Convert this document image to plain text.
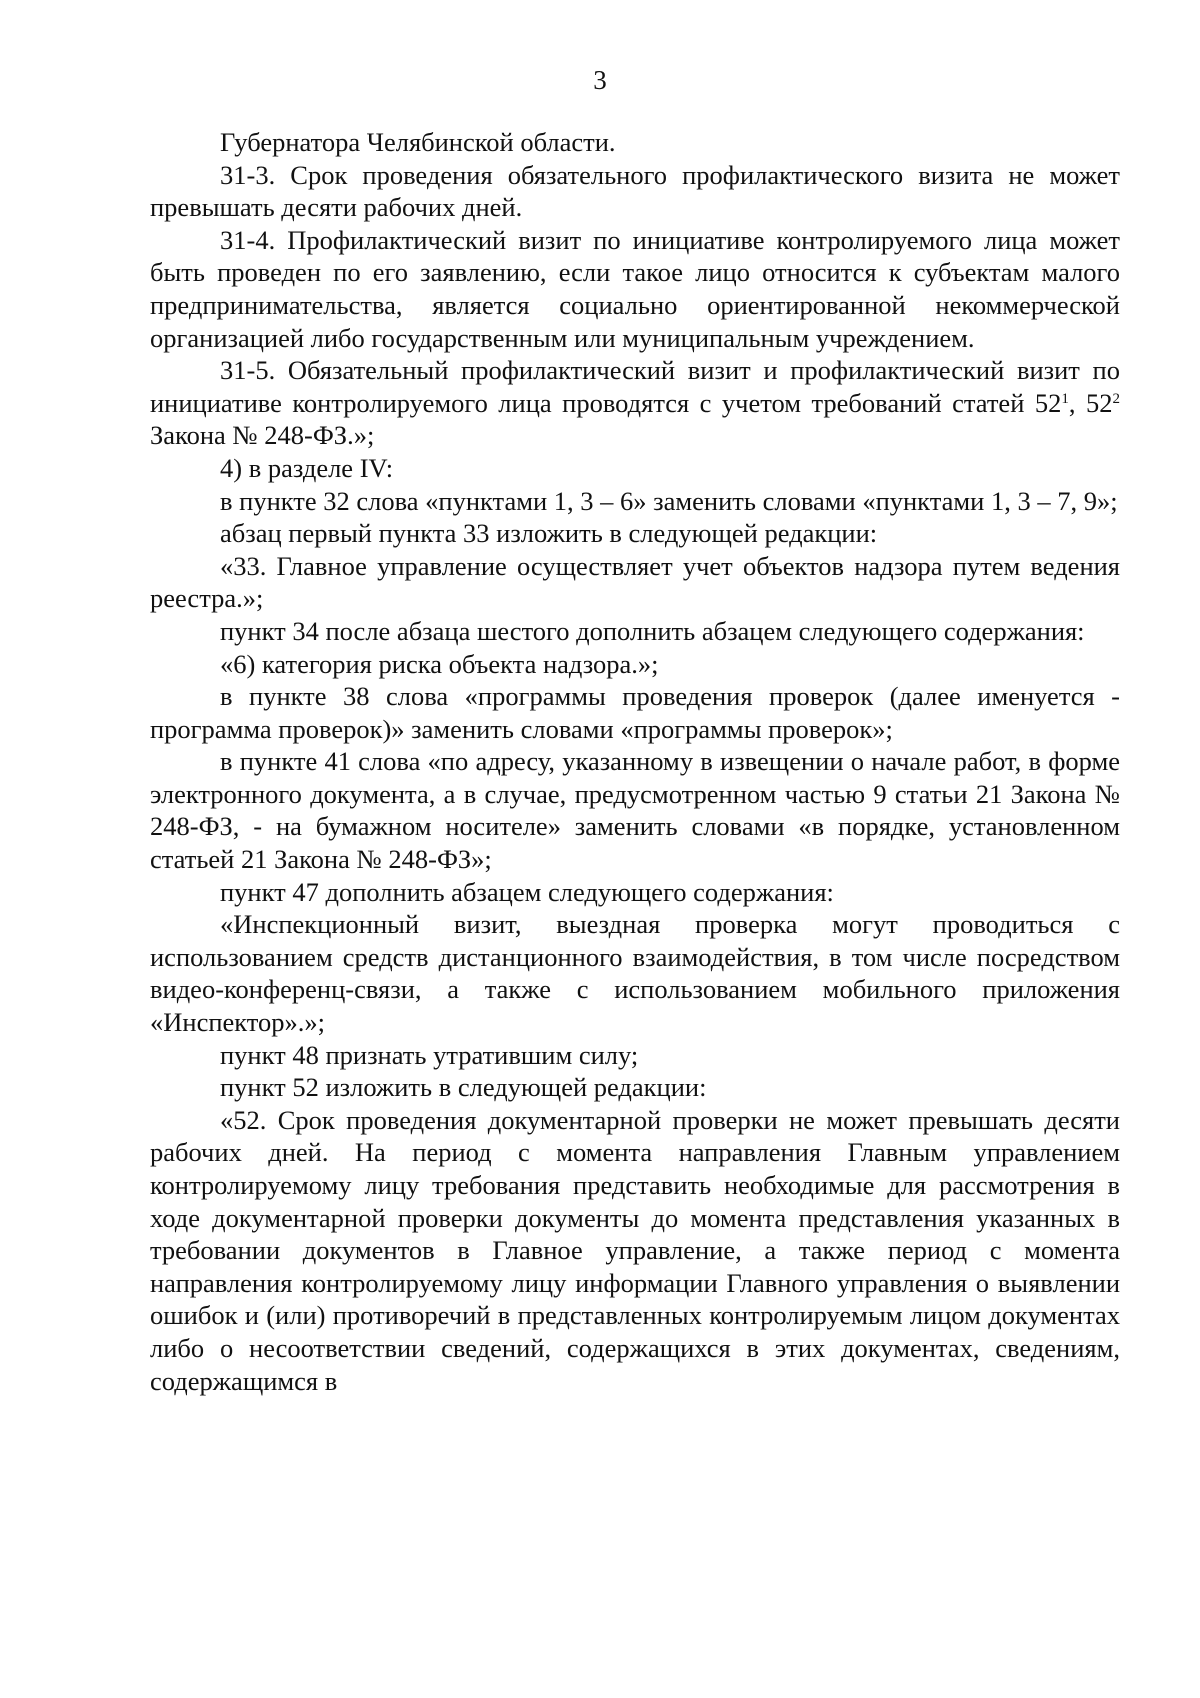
3

Губернатора Челябинской области.

31-3. Срок проведения обязательного профилактического визита не может превышать десяти рабочих дней.

31-4. Профилактический визит по инициативе контролируемого лица может быть проведен по его заявлению, если такое лицо относится к субъектам малого предпринимательства, является социально ориентированной некоммерческой организацией либо государственным или муниципальным учреждением.

31-5. Обязательный профилактический визит и профилактический визит по инициативе контролируемого лица проводятся с учетом требований статей $52^1$, $52^2$ Закона № 248-ФЗ.»;

4) в разделе IV:

в пункте 32 слова «пунктами 1, 3 – 6» заменить словами «пунктами 1, 3 – 7, 9»;

абзац первый пункта 33 изложить в следующей редакции:

«33. Главное управление осуществляет учет объектов надзора путем ведения реестра.»;

пункт 34 после абзаца шестого дополнить абзацем следующего содержания:

«6) категория риска объекта надзора.»;

в пункте 38 слова «программы проведения проверок (далее именуется - программа проверок)» заменить словами «программы проверок»;

в пункте 41 слова «по адресу, указанному в извещении о начале работ, в форме электронного документа, а в случае, предусмотренном частью 9 статьи 21 Закона № 248-ФЗ, - на бумажном носителе» заменить словами «в порядке, установленном статьей 21 Закона № 248-ФЗ»;

пункт 47 дополнить абзацем следующего содержания:

«Инспекционный визит, выездная проверка могут проводиться с использованием средств дистанционного взаимодействия, в том числе посредством видео-конференц-связи, а также с использованием мобильного приложения «Инспектор».»;

пункт 48 признать утратившим силу;

пункт 52 изложить в следующей редакции:

«52. Срок проведения документарной проверки не может превышать десяти рабочих дней. На период с момента направления Главным управлением контролируемому лицу требования представить необходимые для рассмотрения в ходе документарной проверки документы до момента представления указанных в требовании документов в Главное управление, а также период с момента направления контролируемому лицу информации Главного управления о выявлении ошибок и (или) противоречий в представленных контролируемым лицом документах либо о несоответствии сведений, содержащихся в этих документах, сведениям, содержащимся в
